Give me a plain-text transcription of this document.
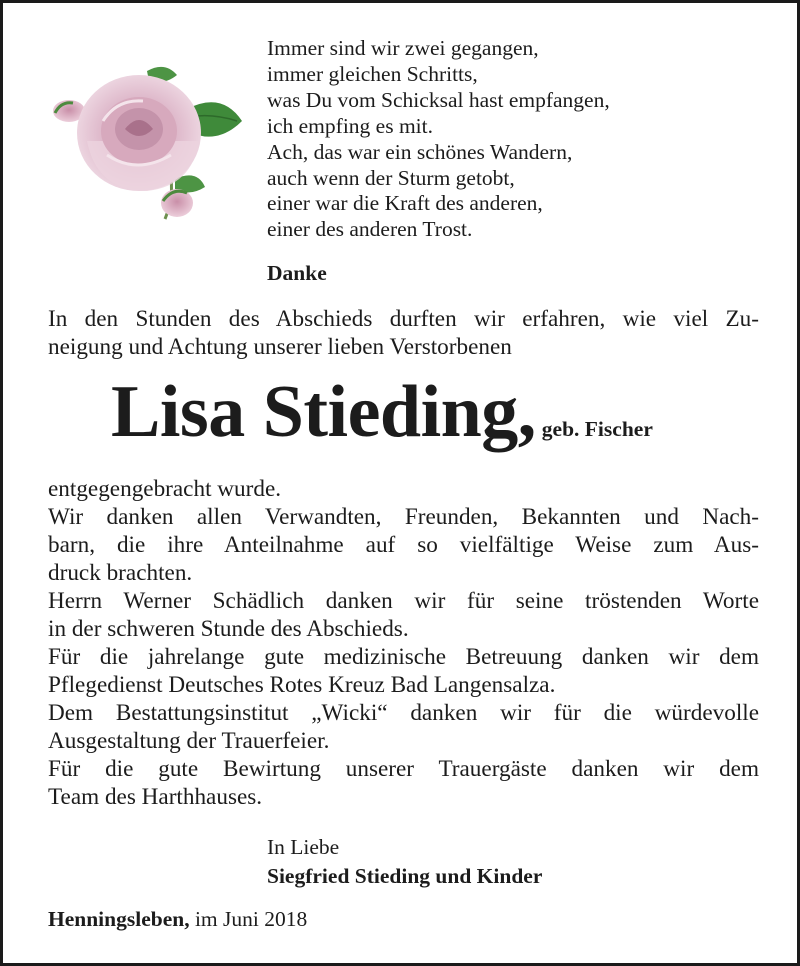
Immer sind wir zwei gegangen,
immer gleichen Schritts,
was Du vom Schicksal hast empfangen,
ich empfing es mit.
Ach, das war ein schönes Wandern,
auch wenn der Sturm getobt,
einer war die Kraft des anderen,
einer des anderen Trost.
Danke
In den Stunden des Abschieds durften wir erfahren, wie viel Zu-
neigung und Achtung unserer lieben Verstorbenen
Lisa Stieding, geb. Fischer
entgegengebracht wurde.
Wir danken allen Verwandten, Freunden, Bekannten und Nach-
barn, die ihre Anteilnahme auf so vielfältige Weise zum Aus-
druck brachten.
Herrn Werner Schädlich danken wir für seine tröstenden Worte
in der schweren Stunde des Abschieds.
Für die jahrelange gute medizinische Betreuung danken wir dem
Pflegedienst Deutsches Rotes Kreuz Bad Langensalza.
Dem Bestattungsinstitut „Wicki“ danken wir für die würdevolle
Ausgestaltung der Trauerfeier.
Für die gute Bewirtung unserer Trauergäste danken wir dem
Team des Harthhauses.
In Liebe
Siegfried Stieding und Kinder
Henningsleben, im Juni 2018
